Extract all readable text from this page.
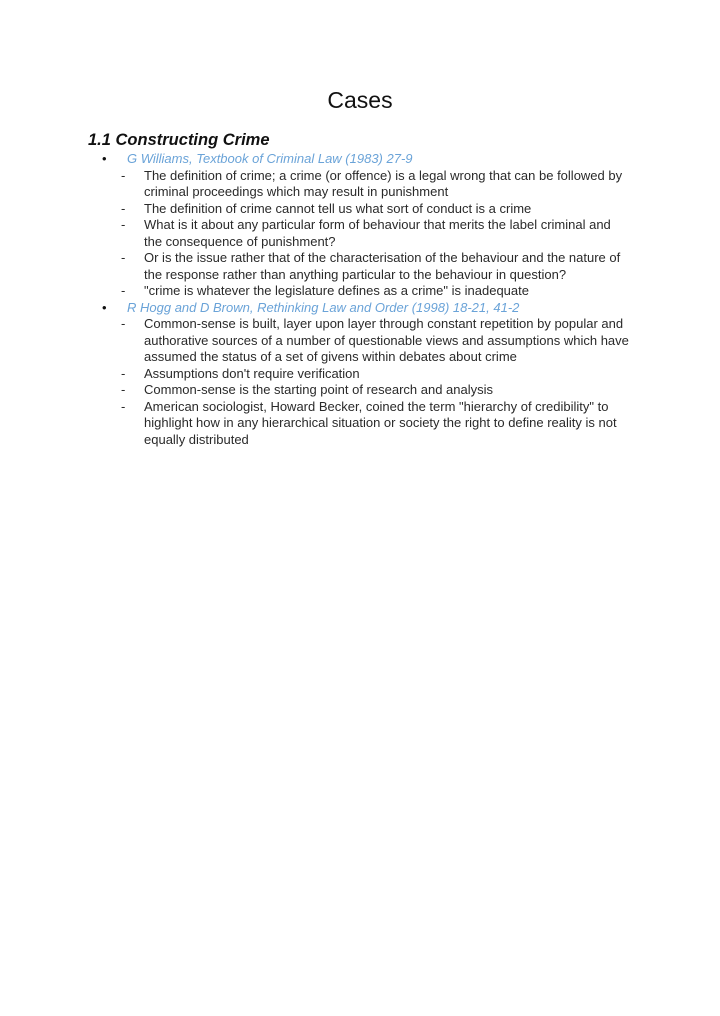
Cases
1.1 Constructing Crime
• G Williams, Textbook of Criminal Law (1983) 27-9
- The definition of crime; a crime (or offence) is a legal wrong that can be followed by criminal proceedings which may result in punishment
- The definition of crime cannot tell us what sort of conduct is a crime
- What is it about any particular form of behaviour that merits the label criminal and the consequence of punishment?
- Or is the issue rather that of the characterisation of the behaviour and the nature of the response rather than anything particular to the behaviour in question?
- "crime is whatever the legislature defines as a crime" is inadequate
• R Hogg and D Brown, Rethinking Law and Order (1998) 18-21, 41-2
- Common-sense is built, layer upon layer through constant repetition by popular and authorative sources of a number of questionable views and assumptions which have assumed the status of a set of givens within debates about crime
- Assumptions don't require verification
- Common-sense is the starting point of research and analysis
- American sociologist, Howard Becker, coined the term "hierarchy of credibility" to highlight how in any hierarchical situation or society the right to define reality is not equally distributed
